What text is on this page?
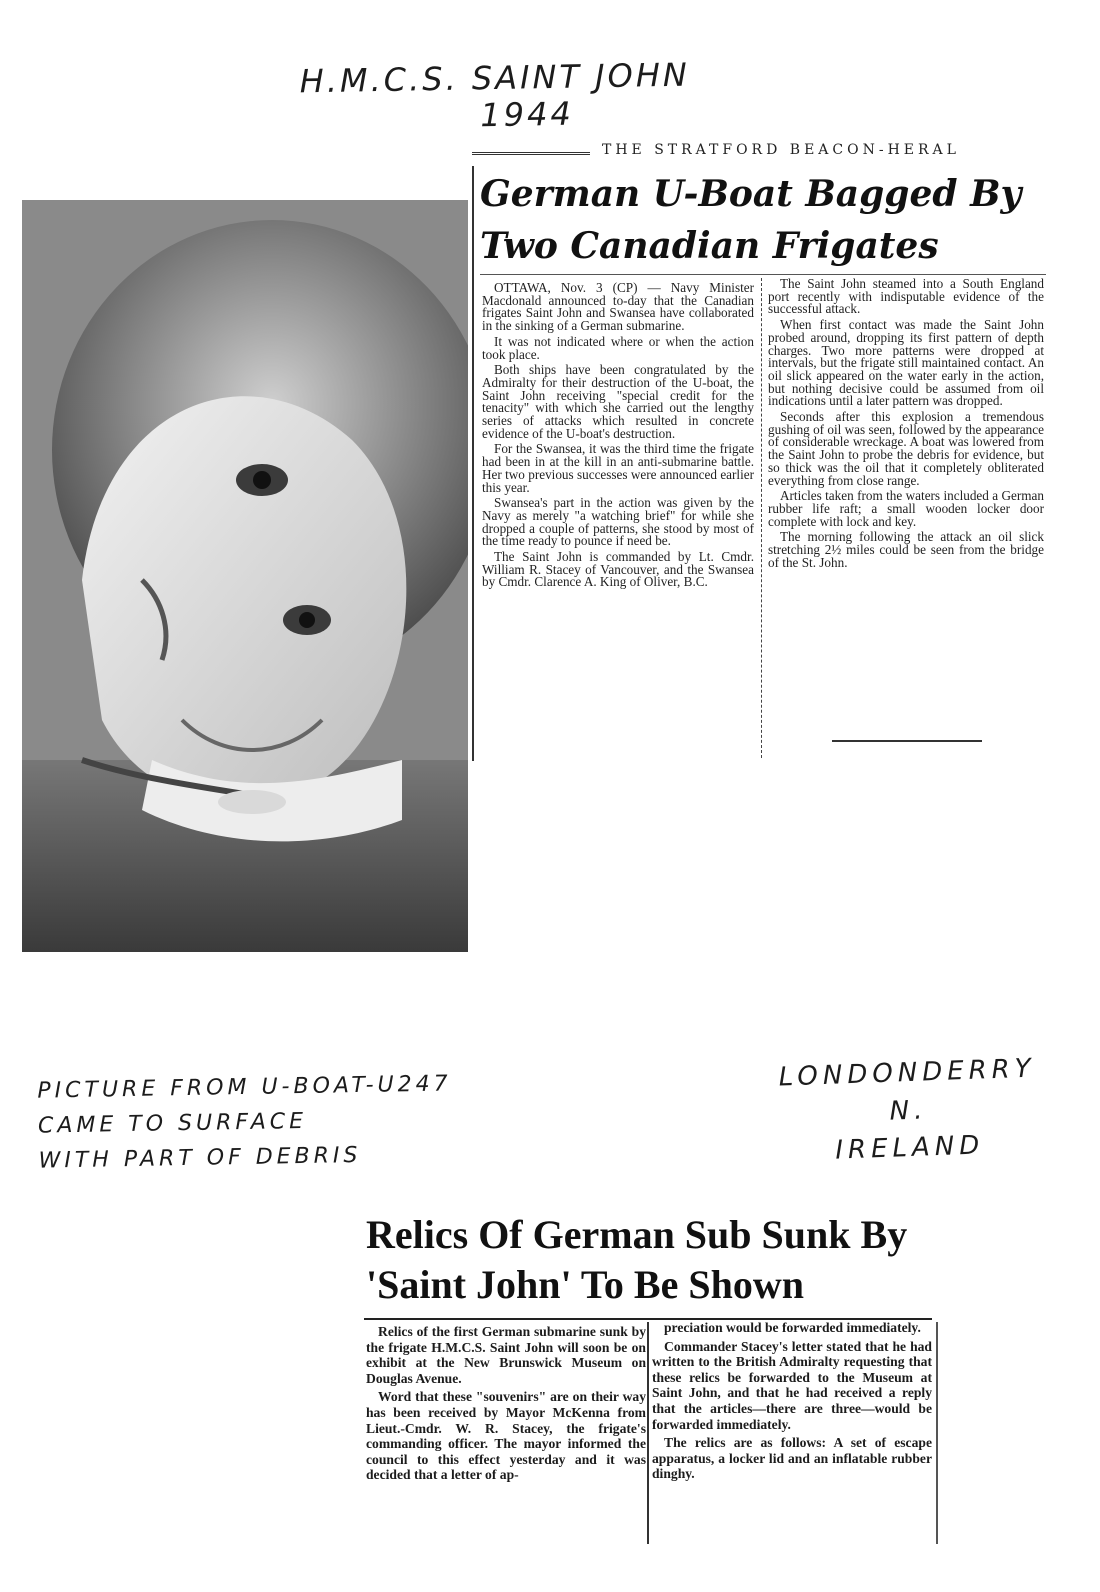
H.M.C.S. SAINT JOHN
1944
THE STRATFORD BEACON-HERAL
German U-Boat Bagged By Two Canadian Frigates

OTTAWA, Nov. 3 (CP) — Navy Minister Macdonald announced to-day that the Canadian frigates Saint John and Swansea have collaborated in the sinking of a German submarine.

It was not indicated where or when the action took place.

Both ships have been congratulated by the Admiralty for their destruction of the U-boat, the Saint John receiving "special credit for the tenacity" with which she carried out the lengthy series of attacks which resulted in concrete evidence of the U-boat's destruction.

For the Swansea, it was the third time the frigate had been in at the kill in an anti-submarine battle. Her two previous successes were announced earlier this year.

Swansea's part in the action was given by the Navy as merely "a watching brief" for while she dropped a couple of patterns, she stood by most of the time ready to pounce if need be.

The Saint John is commanded by Lt. Cmdr. William R. Stacey of Vancouver, and the Swansea by Cmdr. Clarence A. King of Oliver, B.C.

The Saint John steamed into a South England port recently with indisputable evidence of the successful attack.

When first contact was made the Saint John probed around, dropping its first pattern of depth charges. Two more patterns were dropped at intervals, but the frigate still maintained contact. An oil slick appeared on the water early in the action, but nothing decisive could be assumed from oil indications until a later pattern was dropped.

Seconds after this explosion a tremendous gushing of oil was seen, followed by the appearance of considerable wreckage. A boat was lowered from the Saint John to probe the debris for evidence, but so thick was the oil that it completely obliterated everything from close range.

Articles taken from the waters included a German rubber life raft; a small wooden locker door complete with lock and key.

The morning following the attack an oil slick stretching 2½ miles could be seen from the bridge of the St. John.

PICTURE FROM U-BOAT-U247
CAME TO SURFACE
WITH PART OF DEBRIS
LONDONDERRY
N.
IRELAND
Relics Of German Sub Sunk By 'Saint John' To Be Shown

Relics of the first German submarine sunk by the frigate H.M.C.S. Saint John will soon be on exhibit at the New Brunswick Museum on Douglas Avenue.

Word that these "souvenirs" are on their way has been received by Mayor McKenna from Lieut.-Cmdr. W. R. Stacey, the frigate's commanding officer. The mayor informed the council to this effect yesterday and it was decided that a letter of ap-

preciation would be forwarded immediately.

Commander Stacey's letter stated that he had written to the British Admiralty requesting that these relics be forwarded to the Museum at Saint John, and that he had received a reply that the articles—there are three—would be forwarded immediately.

The relics are as follows: A set of escape apparatus, a locker lid and an inflatable rubber dinghy.
